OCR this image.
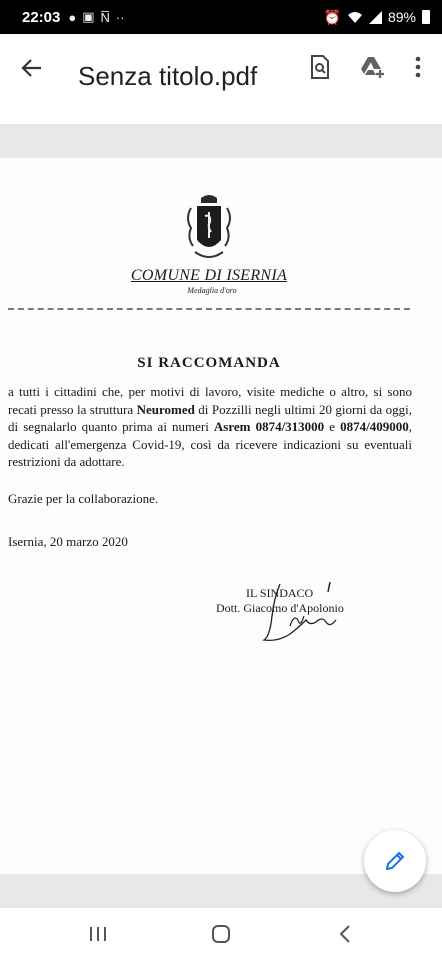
22:03 ● ▣ N̅ ··	⏰	89%
Senza titolo.pdf
COMUNE DI ISERNIA
Medaglia d'oro
SI RACCOMANDA
a tutti i cittadini che, per motivi di lavoro, visite mediche o altro, si sono recati presso la struttura Neuromed di Pozzilli negli ultimi 20 giorni da oggi, di segnalarlo quanto prima ai numeri Asrem 0874/313000 e 0874/409000, dedicati all'emergenza Covid-19, così da ricevere indicazioni su eventuali restrizioni da adottare.
Grazie per la collaborazione.
Isernia, 20 marzo 2020
IL SINDACO
Dott. Giacomo d'Apolonio
